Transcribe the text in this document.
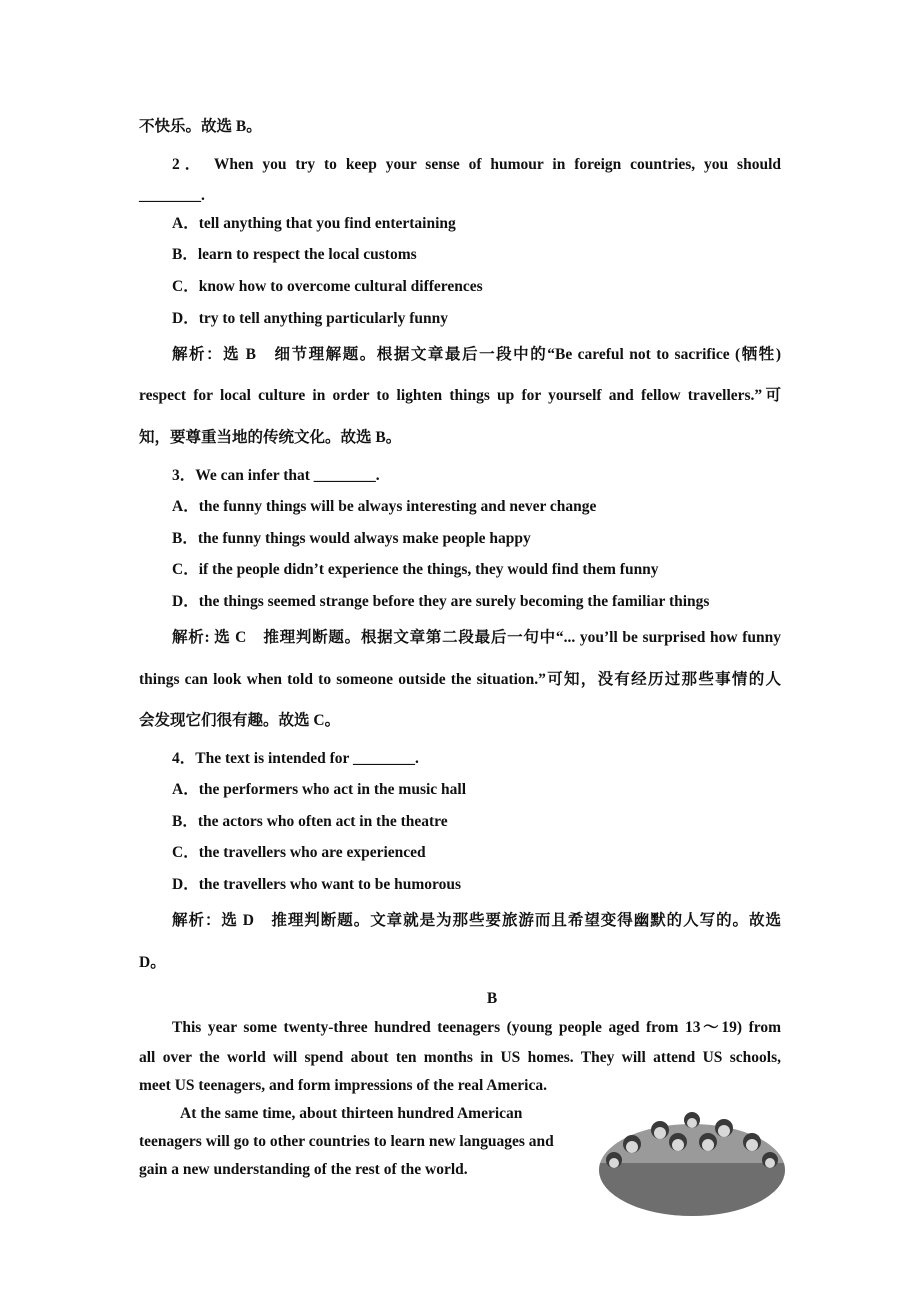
不快乐。故选 B。
2． When you try to keep your sense of humour in foreign countries, you should
________.
A．tell anything that you find entertaining
B．learn to respect the local customs
C．know how to overcome cultural differences
D．try to tell anything particularly funny
解析：选 B　细节理解题。根据文章最后一段中的“Be careful not to sacrifice (牺牲)
respect for local culture in order to lighten things up for yourself and fellow travellers.”可
知，要尊重当地的传统文化。故选 B。
3．We can infer that ________.
A．the funny things will be always interesting and never change
B．the funny things would always make people happy
C．if the people didn’t experience the things, they would find them funny
D．the things seemed strange before they are surely becoming the familiar things
解析: 选 C　推理判断题。根据文章第二段最后一句中“... you’ll be surprised how funny
things can look when told to someone outside the situation.”可知，没有经历过那些事情的人
会发现它们很有趣。故选 C。
4．The text is intended for ________.
A．the performers who act in the music hall
B．the actors who often act in the theatre
C．the travellers who are experienced
D．the travellers who want to be humorous
解析：选 D　推理判断题。文章就是为那些要旅游而且希望变得幽默的人写的。故选
D。
B
This year some twenty-three hundred teenagers (young people aged from 13～19) from
all over the world will spend about ten months in US homes. They will attend US schools,
meet US teenagers, and form impressions of the real America.
At the same time, about thirteen hundred American
teenagers will go to other countries to learn new languages and
gain a new understanding of the rest of the world.
